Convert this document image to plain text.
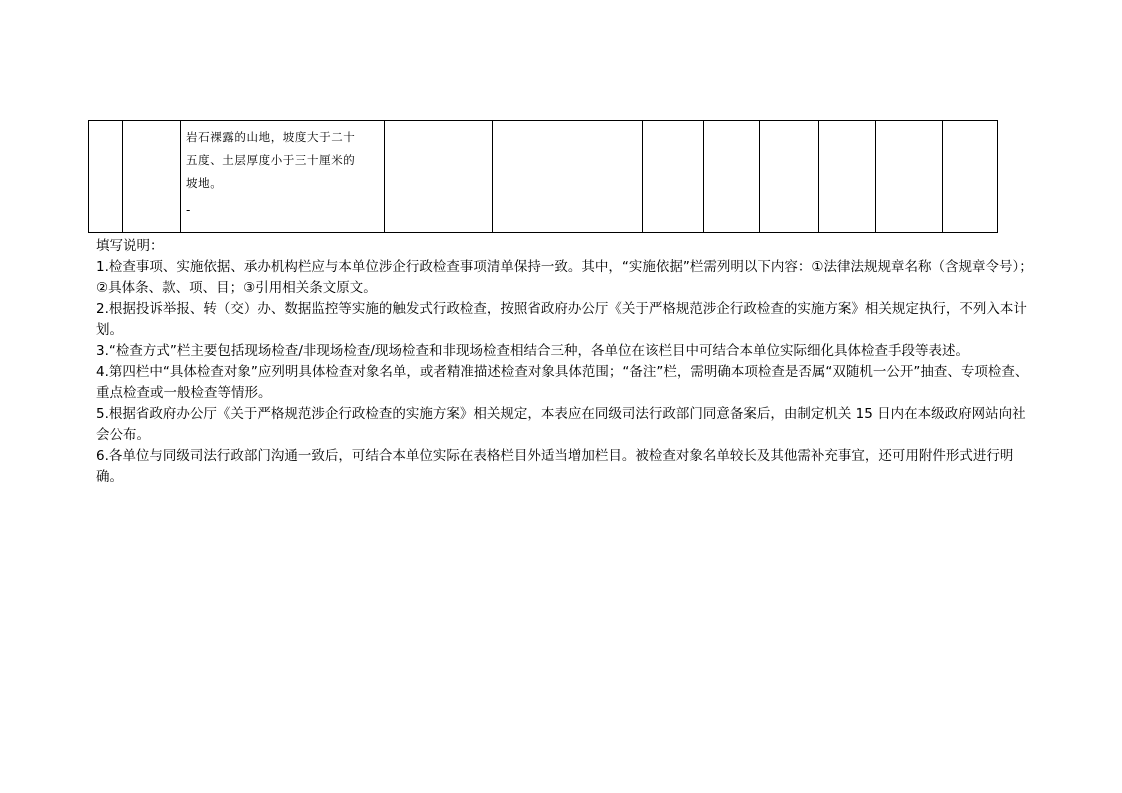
岩石裸露的山地，坡度大于二十
五度、土层厚度小于三十厘米的
坡地。
-

填写说明：

1.检查事项、实施依据、承办机构栏应与本单位涉企行政检查事项清单保持一致。其中，“实施依据”栏需列明以下内容：①法律法规规章名称（含规章令号）；②具体条、款、项、目；③引用相关条文原文。

2.根据投诉举报、转（交）办、数据监控等实施的触发式行政检查，按照省政府办公厅《关于严格规范涉企行政检查的实施方案》相关规定执行，不列入本计划。

3.“检查方式”栏主要包括现场检查/非现场检查/现场检查和非现场检查相结合三种，各单位在该栏目中可结合本单位实际细化具体检查手段等表述。

4.第四栏中“具体检查对象”应列明具体检查对象名单，或者精准描述检查对象具体范围；“备注”栏，需明确本项检查是否属“双随机一公开”抽查、专项检查、重点检查或一般检查等情形。

5.根据省政府办公厅《关于严格规范涉企行政检查的实施方案》相关规定，本表应在同级司法行政部门同意备案后，由制定机关 15 日内在本级政府网站向社会公布。

6.各单位与同级司法行政部门沟通一致后，可结合本单位实际在表格栏目外适当增加栏目。被检查对象名单较长及其他需补充事宜，还可用附件形式进行明确。
